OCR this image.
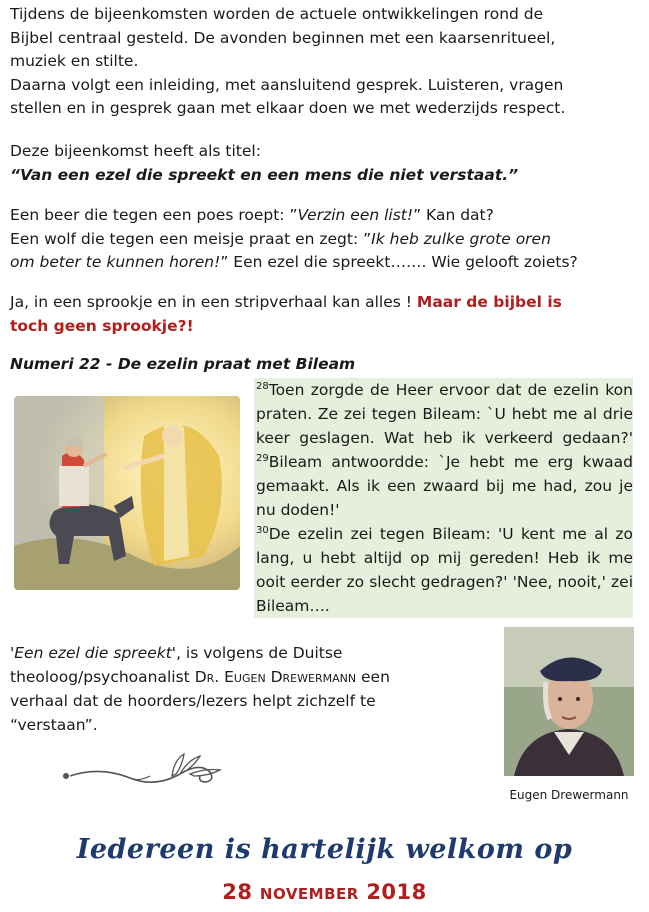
Tijdens de bijeenkomsten worden de actuele ontwikkelingen rond de
Bijbel centraal gesteld. De avonden beginnen met een kaarsenritueel,
muziek en stilte.
Daarna volgt een inleiding, met aansluitend gesprek. Luisteren, vragen
stellen en in gesprek gaan met elkaar doen we met wederzijds respect.
Deze bijeenkomst heeft als titel:
“Van een ezel die spreekt en een mens die niet verstaat.”
Een beer die tegen een poes roept: ”Verzin een list!” Kan dat?
Een wolf die tegen een meisje praat en zegt: ”Ik heb zulke grote oren
om beter te kunnen horen!” Een ezel die spreekt……. Wie gelooft zoiets?
Ja, in een sprookje en in een stripverhaal kan alles ! Maar de bijbel is
toch geen sprookje?!
Numeri 22 - De ezelin praat met Bileam
$^{28}$Toen zorgde de Heer ervoor dat de ezelin kon praten. Ze zei tegen Bileam: `U hebt me al drie keer geslagen. Wat heb ik verkeerd gedaan?' $^{29}$Bileam antwoordde: `Je hebt me erg kwaad gemaakt. Als ik een zwaard bij me had, zou je nu doden!'
$^{30}$De ezelin zei tegen Bileam: 'U kent me al zo lang, u hebt altijd op mij gereden! Heb ik me ooit eerder zo slecht gedragen?' 'Nee, nooit,' zei Bileam….
'Een ezel die spreekt', is volgens de Duitse
theoloog/psychoanalist Dr. Eugen Drewermann een
verhaal dat de hoorders/lezers helpt zichzelf te
“verstaan”.
Eugen Drewermann
Iedereen is hartelijk welkom op
28 NOVEMBER 2018
